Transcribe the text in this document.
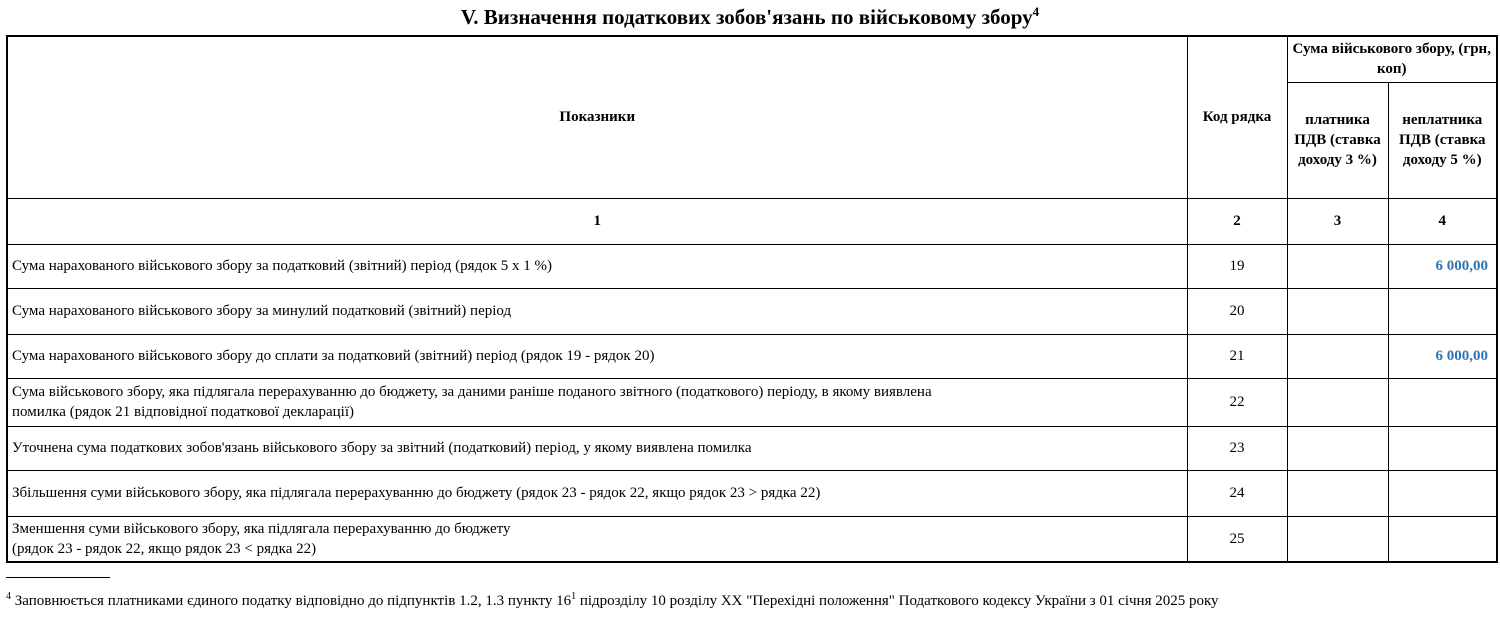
V. Визначення податкових зобов'язань по військовому збору$^4$
Показники	Код рядка	Сума військового збору, (грн, коп)	
		платника ПДВ (ставка доходу 3 %)	неплатника ПДВ (ставка доходу 5 %)
1	2	3	4
Сума нарахованого військового збору за податковий (звітний) період (рядок 5 х 1 %)	19		6 000,00
Сума нарахованого військового збору за минулий податковий (звітний) період	20		
Сума нарахованого військового збору до сплати за податковий (звітний) період (рядок 19 - рядок 20)	21		6 000,00
Сума військового збору, яка підлягала перерахуванню до бюджету, за даними раніше поданого звітного (податкового) періоду, в якому виявлена
помилка (рядок 21 відповідної податкової декларації)	22		
Уточнена сума податкових зобов'язань військового збору за звітний (податковий) період, у якому виявлена помилка	23		
Збільшення суми військового збору, яка підлягала перерахуванню до бюджету (рядок 23 - рядок 22, якщо рядок 23 > рядка 22)	24		
Зменшення суми військового збору, яка підлягала перерахуванню до бюджету
(рядок 23 - рядок 22, якщо рядок 23 < рядка 22)	25		
$^4$ Заповнюється платниками єдиного податку відповідно до підпунктів 1.2, 1.3 пункту $16^1$ підрозділу 10 розділу ХХ "Перехідні положення" Податкового кодексу України з 01 січня 2025 року
